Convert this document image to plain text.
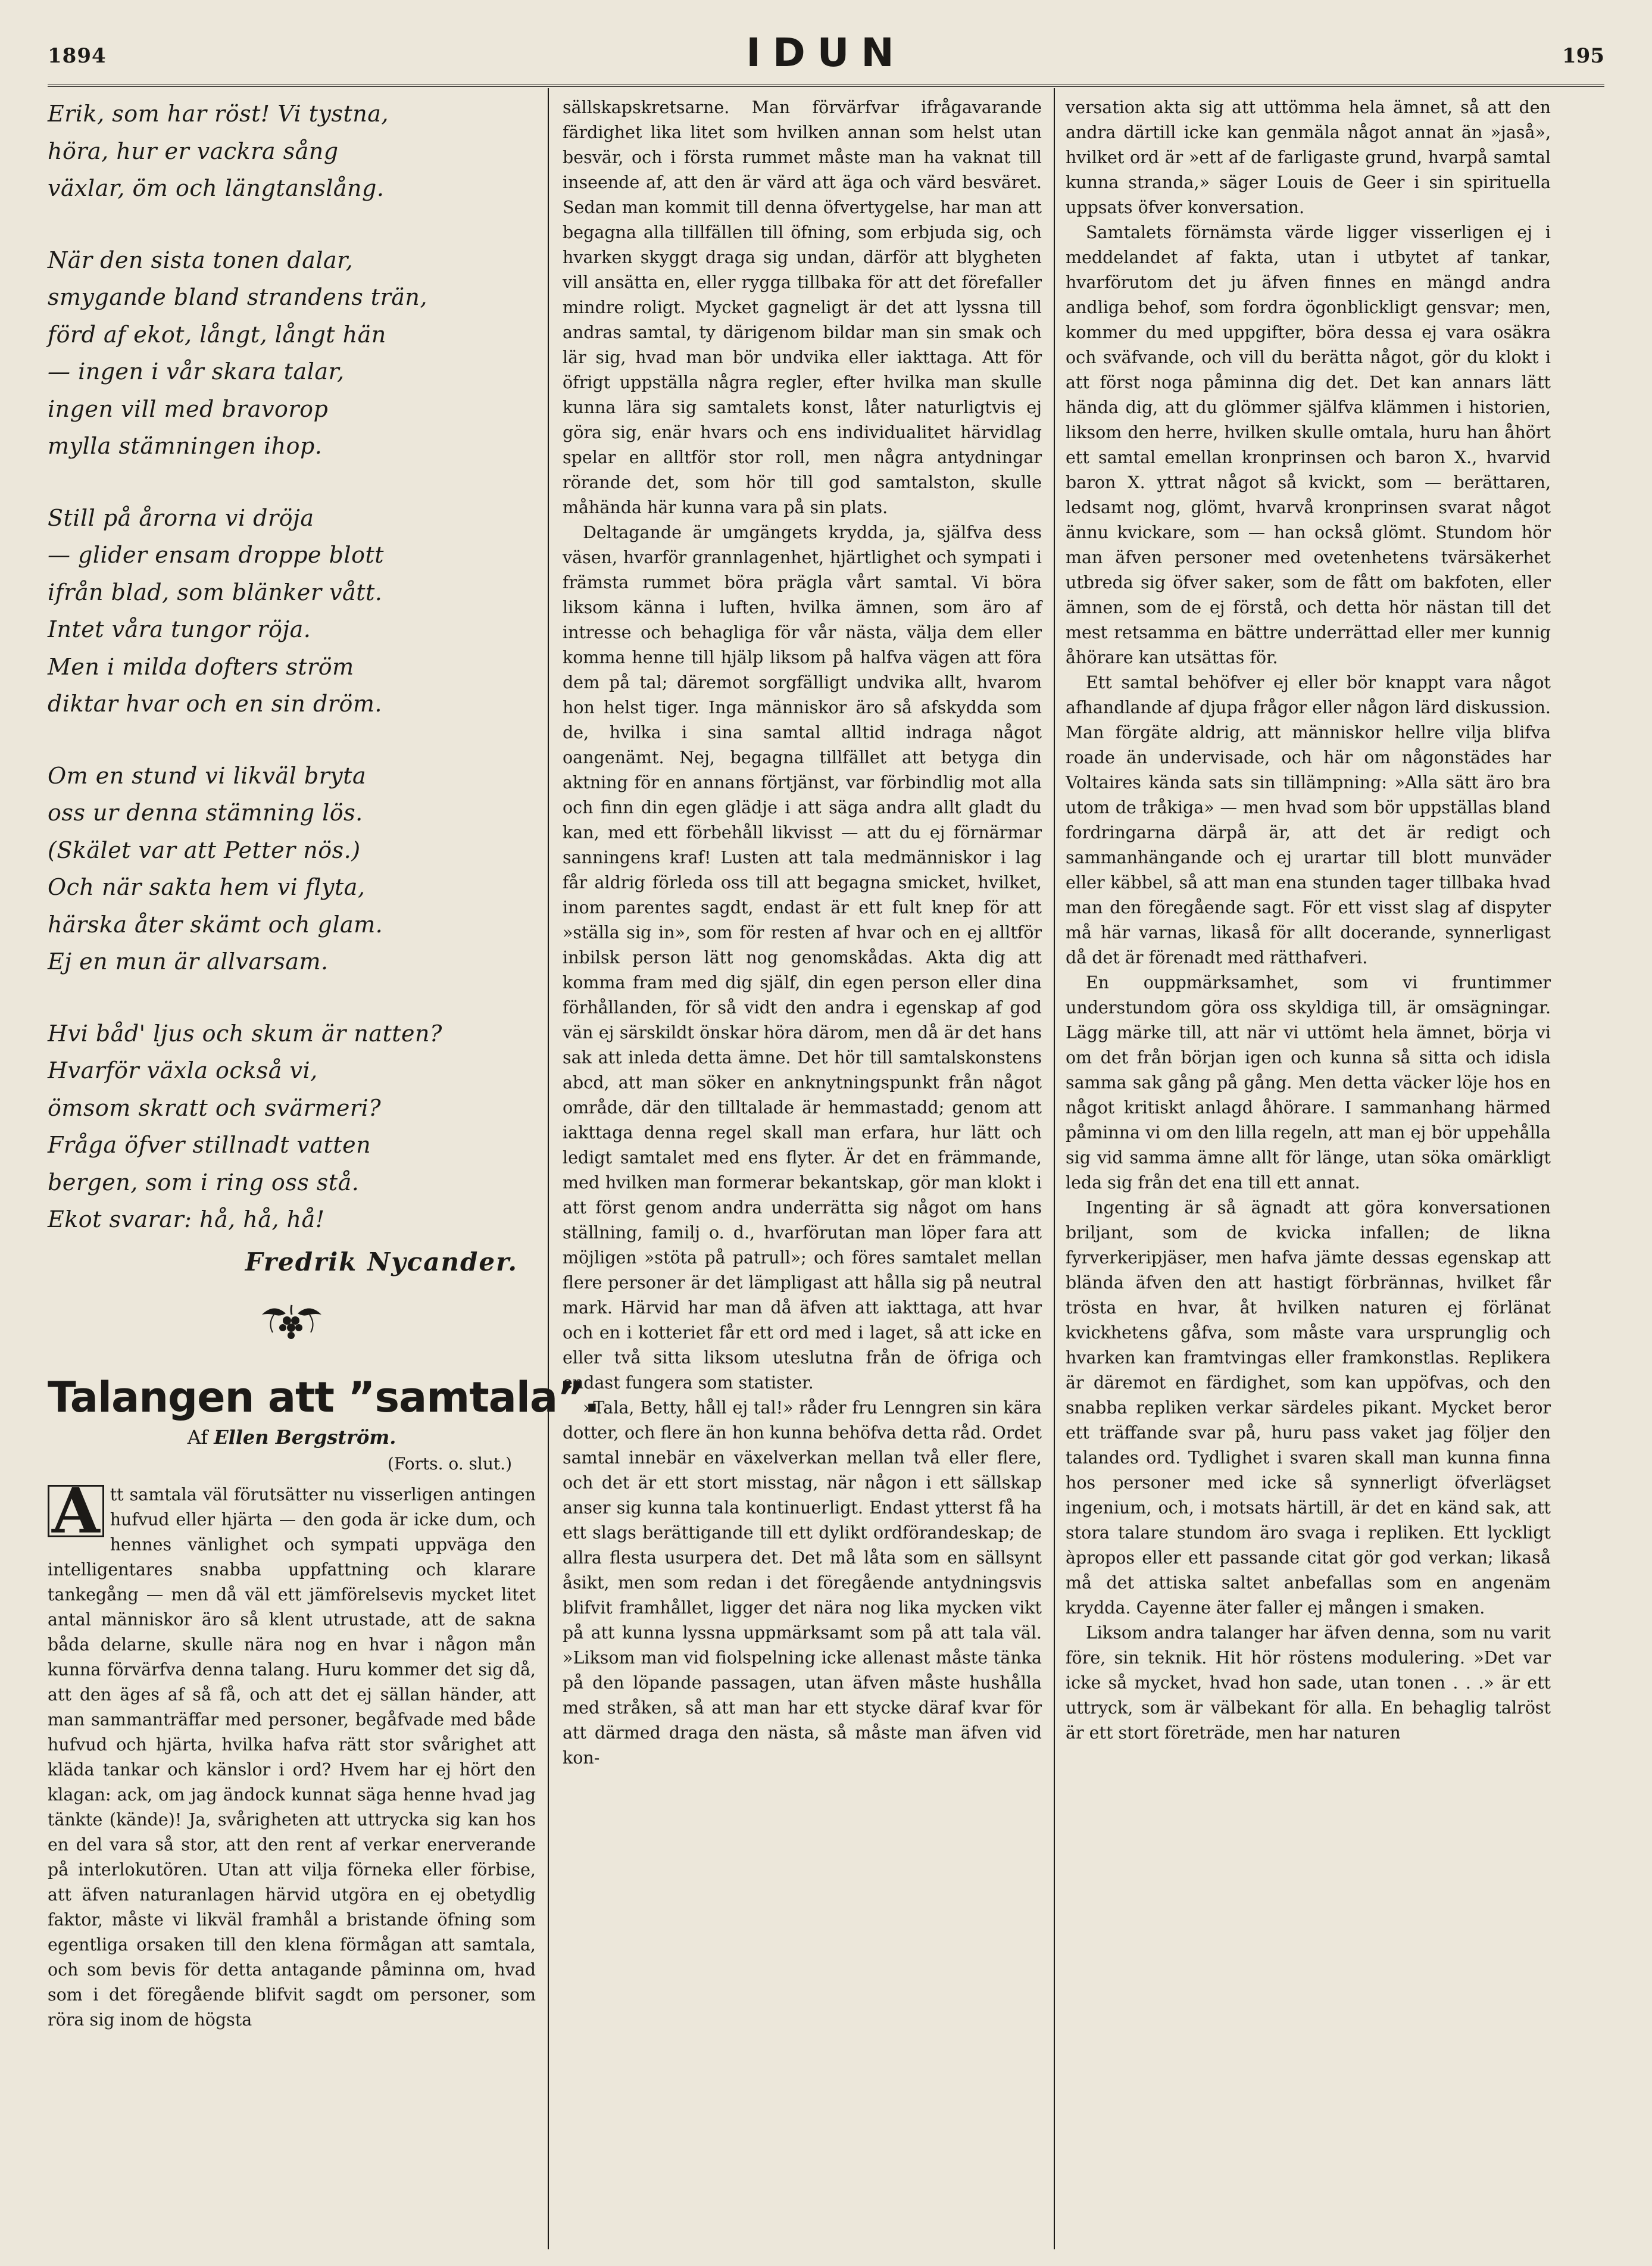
1894	IDUN	195
Erik, som har röst! Vi tystna,
höra, hur er vackra sång
växlar, öm och längtanslång.
När den sista tonen dalar,
smygande bland strandens trän,
förd af ekot, långt, långt hän
— ingen i vår skara talar,
ingen vill med bravorop
mylla stämningen ihop.
Still på årorna vi dröja
— glider ensam droppe blott
ifrån blad, som blänker vått.
Intet våra tungor röja.
Men i milda dofters ström
diktar hvar och en sin dröm.
Om en stund vi likväl bryta
oss ur denna stämning lös.
(Skälet var att Petter nös.)
Och när sakta hem vi flyta,
härska åter skämt och glam.
Ej en mun är allvarsam.
Hvi båd' ljus och skum är natten?
Hvarför växla också vi,
ömsom skratt och svärmeri?
Fråga öfver stillnadt vatten
bergen, som i ring oss stå.
Ekot svarar: hå, hå, hå!
Fredrik Nycander.
Talangen att ”samtala”.
Af Ellen Bergström.
(Forts. o. slut.)

A tt samtala väl förutsätter nu visserligen antingen hufvud eller hjärta — den goda är icke dum, och hennes vänlighet och sympati uppväga den intelligentares snabba uppfattning och klarare tankegång — men då väl ett jämförelsevis mycket litet antal människor äro så klent utrustade, att de sakna båda delarne, skulle nära nog en hvar i någon mån kunna förvärfva denna talang. Huru kommer det sig då, att den äges af så få, och att det ej sällan händer, att man sammanträffar med personer, begåfvade med både hufvud och hjärta, hvilka hafva rätt stor svårighet att kläda tankar och känslor i ord? Hvem har ej hört den klagan: ack, om jag ändock kunnat säga henne hvad jag tänkte (kände)! Ja, svårigheten att uttrycka sig kan hos en del vara så stor, att den rent af verkar enerverande på interlokutören. Utan att vilja förneka eller förbise, att äfven naturanlagen härvid utgöra en ej obetydlig faktor, måste vi likväl framhål a bristande öfning som egentliga orsaken till den klena förmågan att samtala, och som bevis för detta antagande påminna om, hvad som i det föregående blifvit sagdt om personer, som röra sig inom de högsta

sällskapskretsarne. Man förvärfvar ifrågavarande färdighet lika litet som hvilken annan som helst utan besvär, och i första rummet måste man ha vaknat till inseende af, att den är värd att äga och värd besväret. Sedan man kommit till denna öfvertygelse, har man att begagna alla tillfällen till öfning, som erbjuda sig, och hvarken skyggt draga sig undan, därför att blygheten vill ansätta en, eller rygga tillbaka för att det förefaller mindre roligt. Mycket gagneligt är det att lyssna till andras samtal, ty därigenom bildar man sin smak och lär sig, hvad man bör undvika eller iakttaga. Att för öfrigt uppställa några regler, efter hvilka man skulle kunna lära sig samtalets konst, låter naturligtvis ej göra sig, enär hvars och ens individualitet härvidlag spelar en alltför stor roll, men några antydningar rörande det, som hör till god samtalston, skulle måhända här kunna vara på sin plats.

Deltagande är umgängets krydda, ja, själfva dess väsen, hvarför grannlagenhet, hjärtlighet och sympati i främsta rummet böra prägla vårt samtal. Vi böra liksom känna i luften, hvilka ämnen, som äro af intresse och behagliga för vår nästa, välja dem eller komma henne till hjälp liksom på halfva vägen att föra dem på tal; däremot sorgfälligt undvika allt, hvarom hon helst tiger. Inga människor äro så afskydda som de, hvilka i sina samtal alltid indraga något oangenämt. Nej, begagna tillfället att betyga din aktning för en annans förtjänst, var förbindlig mot alla och finn din egen glädje i att säga andra allt gladt du kan, med ett förbehåll likvisst — att du ej förnärmar sanningens kraf! Lusten att tala medmänniskor i lag får aldrig förleda oss till att begagna smicket, hvilket, inom parentes sagdt, endast är ett fult knep för att »ställa sig in», som för resten af hvar och en ej alltför inbilsk person lätt nog genomskådas. Akta dig att komma fram med dig själf, din egen person eller dina förhållanden, för så vidt den andra i egenskap af god vän ej särskildt önskar höra därom, men då är det hans sak att inleda detta ämne. Det hör till samtalskonstens abcd, att man söker en anknytningspunkt från något område, där den tilltalade är hemmastadd; genom att iakttaga denna regel skall man erfara, hur lätt och ledigt samtalet med ens flyter. Är det en främmande, med hvilken man formerar bekantskap, gör man klokt i att först genom andra underrätta sig något om hans ställning, familj o. d., hvarförutan man löper fara att möjligen »stöta på patrull»; och föres samtalet mellan flere personer är det lämpligast att hålla sig på neutral mark. Härvid har man då äfven att iakttaga, att hvar och en i kotteriet får ett ord med i laget, så att icke en eller två sitta liksom uteslutna från de öfriga och endast fungera som statister.

»Tala, Betty, håll ej tal!» råder fru Lenngren sin kära dotter, och flere än hon kunna behöfva detta råd. Ordet samtal innebär en växelverkan mellan två eller flere, och det är ett stort misstag, när någon i ett sällskap anser sig kunna tala kontinuerligt. Endast ytterst få ha ett slags berättigande till ett dylikt ordförandeskap; de allra flesta usurpera det. Det må låta som en sällsynt åsikt, men som redan i det föregående antydningsvis blifvit framhållet, ligger det nära nog lika mycken vikt på att kunna lyssna uppmärksamt som på att tala väl. »Liksom man vid fiolspelning icke allenast måste tänka på den löpande passagen, utan äfven måste hushålla med stråken, så att man har ett stycke däraf kvar för att därmed draga den nästa, så måste man äfven vid kon-

versation akta sig att uttömma hela ämnet, så att den andra därtill icke kan genmäla något annat än »jaså», hvilket ord är »ett af de farligaste grund, hvarpå samtal kunna stranda,» säger Louis de Geer i sin spirituella uppsats öfver konversation.

Samtalets förnämsta värde ligger visserligen ej i meddelandet af fakta, utan i utbytet af tankar, hvarförutom det ju äfven finnes en mängd andra andliga behof, som fordra ögonblickligt gensvar; men, kommer du med uppgifter, böra dessa ej vara osäkra och sväfvande, och vill du berätta något, gör du klokt i att först noga påminna dig det. Det kan annars lätt hända dig, att du glömmer själfva klämmen i historien, liksom den herre, hvilken skulle omtala, huru han åhört ett samtal emellan kronprinsen och baron X., hvarvid baron X. yttrat något så kvickt, som — berättaren, ledsamt nog, glömt, hvarvå kronprinsen svarat något ännu kvickare, som — han också glömt. Stundom hör man äfven personer med ovetenhetens tvärsäkerhet utbreda sig öfver saker, som de fått om bakfoten, eller ämnen, som de ej förstå, och detta hör nästan till det mest retsamma en bättre underrättad eller mer kunnig åhörare kan utsättas för.

Ett samtal behöfver ej eller bör knappt vara något afhandlande af djupa frågor eller någon lärd diskussion. Man förgäte aldrig, att människor hellre vilja blifva roade än undervisade, och här om någonstädes har Voltaires kända sats sin tillämpning: »Alla sätt äro bra utom de tråkiga» — men hvad som bör uppställas bland fordringarna därpå är, att det är redigt och sammanhängande och ej urartar till blott munväder eller käbbel, så att man ena stunden tager tillbaka hvad man den föregående sagt. För ett visst slag af dispyter må här varnas, likaså för allt docerande, synnerligast då det är förenadt med rätthafveri.

En ouppmärksamhet, som vi fruntimmer understundom göra oss skyldiga till, är omsägningar. Lägg märke till, att när vi uttömt hela ämnet, börja vi om det från början igen och kunna så sitta och idisla samma sak gång på gång. Men detta väcker löje hos en något kritiskt anlagd åhörare. I sammanhang härmed påminna vi om den lilla regeln, att man ej bör uppehålla sig vid samma ämne allt för länge, utan söka omärkligt leda sig från det ena till ett annat.

Ingenting är så ägnadt att göra konversationen briljant, som de kvicka infallen; de likna fyrverkeripjäser, men hafva jämte dessas egenskap att blända äfven den att hastigt förbrännas, hvilket får trösta en hvar, åt hvilken naturen ej förlänat kvickhetens gåfva, som måste vara ursprunglig och hvarken kan framtvingas eller framkonstlas. Replikera är däremot en färdighet, som kan uppöfvas, och den snabba repliken verkar särdeles pikant. Mycket beror ett träffande svar på, huru pass vaket jag följer den talandes ord. Tydlighet i svaren skall man kunna finna hos personer med icke så synnerligt öfverlägset ingenium, och, i motsats härtill, är det en känd sak, att stora talare stundom äro svaga i repliken. Ett lyckligt àpropos eller ett passande citat gör god verkan; likaså må det attiska saltet anbefallas som en angenäm krydda. Cayenne äter faller ej mången i smaken.

Liksom andra talanger har äfven denna, som nu varit före, sin teknik. Hit hör röstens modulering. »Det var icke så mycket, hvad hon sade, utan tonen . . .» är ett uttryck, som är välbekant för alla. En behaglig talröst är ett stort företräde, men har naturen
